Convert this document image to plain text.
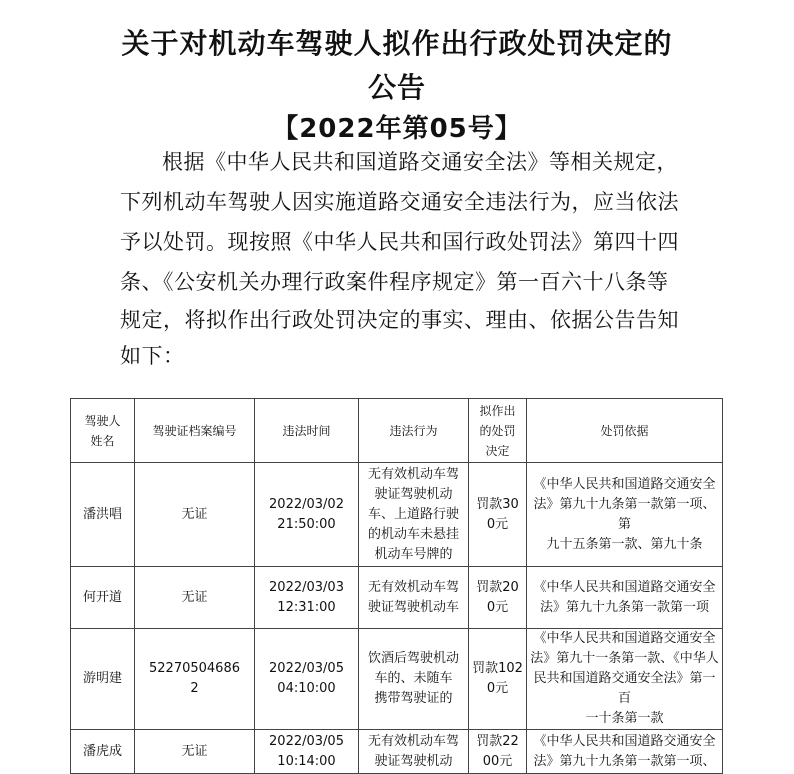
关于对机动车驾驶人拟作出行政处罚决定的
公告
【2022年第05号】

根据《中华人民共和国道路交通安全法》等相关规定，

下列机动车驾驶人因实施道路交通安全违法行为，应当依法

予以处罚。现按照《中华人民共和国行政处罚法》第四十四

条、《公安机关办理行政案件程序规定》第一百六十八条等

规定，将拟作出行政处罚决定的事实、理由、依据公告告知

如下：

驾驶人
姓名	驾驶证档案编号	违法时间	违法行为	拟作出
的处罚
决定	处罚依据

潘洪唱	无证	2022/03/02
21:50:00	无有效机动车驾
驶证驾驶机动
车、上道路行驶
的机动车未悬挂
机动车号牌的	罚款30
0元	《中华人民共和国道路交通安全
法》第九十九条第一款第一项、第
九十五条第一款、第九十条

何开道	无证	2022/03/03
12:31:00	无有效机动车驾
驶证驾驶机动车	罚款20
0元	《中华人民共和国道路交通安全
法》第九十九条第一款第一项

游明建	52270504686
2	2022/03/05
04:10:00	饮酒后驾驶机动
车的、未随车
携带驾驶证的	罚款102
0元	《中华人民共和国道路交通安全
法》第九十一条第一款、《中华人
民共和国道路交通安全法》第一百
一十条第一款

潘虎成	无证	2022/03/05
10:14:00	无有效机动车驾
驶证驾驶机动	罚款22
00元	《中华人民共和国道路交通安全
法》第九十九条第一款第一项、
